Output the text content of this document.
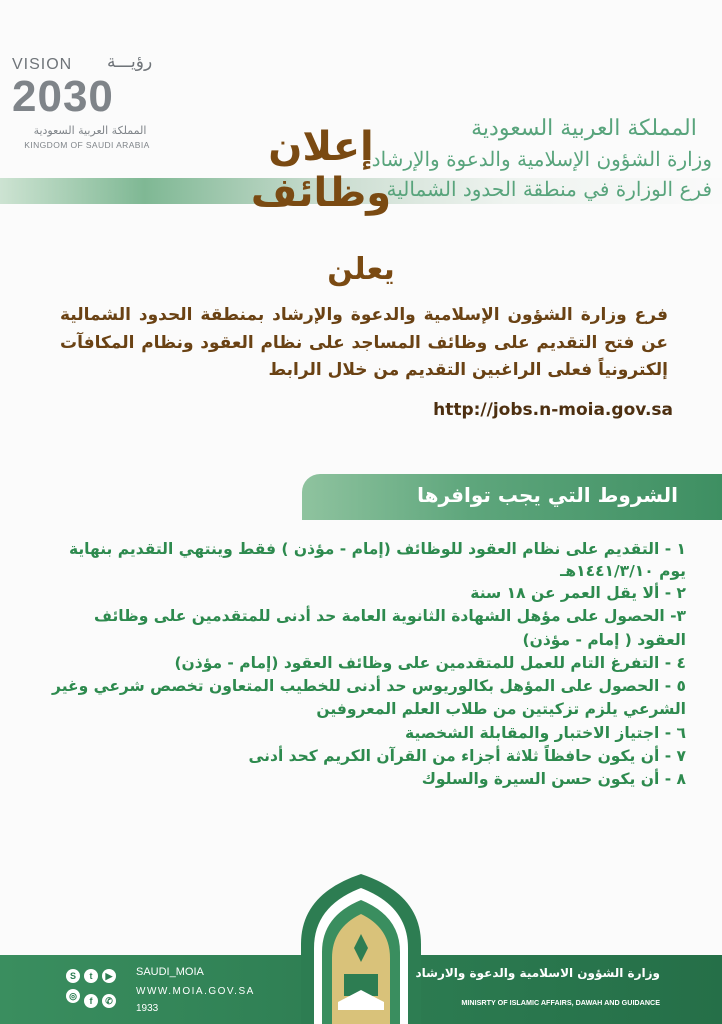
VISION رؤيـــة
2030
المملكة العربية السعودية
KINGDOM OF SAUDI ARABIA	إعلان وظائف
المملكة العربية السعودية
وزارة الشؤون الإسلامية والدعوة والإرشاد
فرع الوزارة في منطقة الحدود الشمالية
يعلن
فرع وزارة الشؤون الإسلامية والدعوة والإرشاد بمنطقة الحدود الشمالية عن فتح التقديم على وظائف المساجد على نظام العقود ونظام المكافآت إلكترونياً فعلى الراغبين التقديم من خلال الرابط
http://jobs.n-moia.gov.sa
الشروط التي يجب توافرها
١ - التقديم على نظام العقود للوظائف (إمام - مؤذن ) فقط وينتهي التقديم بنهاية يوم ١٤٤١/٣/١٠هـ
٢ - ألا يقل العمر عن ١٨ سنة
٣- الحصول على مؤهل الشهادة الثانوية العامة حد أدنى للمتقدمين على وظائف العقود ( إمام - مؤذن)
٤ - التفرغ التام للعمل للمتقدمين على وظائف العقود (إمام - مؤذن)
٥ - الحصول على المؤهل بكالوريوس حد أدنى للخطيب المتعاون تخصص شرعي وغير الشرعي يلزم تزكيتين من طلاب العلم المعروفين
٦ - اجتياز الاختبار والمقابلة الشخصية
٧ - أن يكون حافظاً ثلاثة أجزاء من القرآن الكريم كحد أدنى
٨ - أن يكون حسن السيرة والسلوك
وزارة الشؤون الاسلامية والدعوة والارشاد
MINISRTY OF ISLAMIC AFFAIRS, DAWAH AND GUIDANCE
S	t	▶
◎	f	✆
SAUDI_MOIA
WWW.MOIA.GOV.SA
1933
